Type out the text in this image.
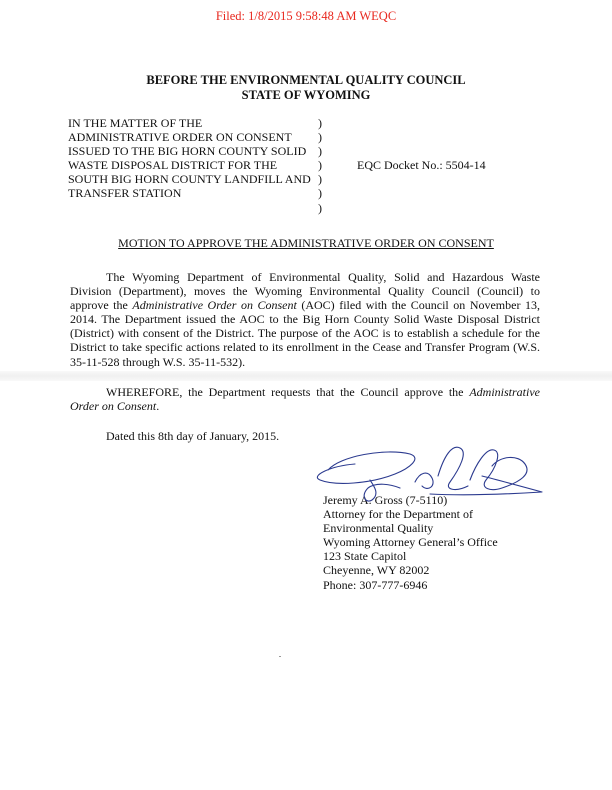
Filed: 1/8/2015 9:58:48 AM WEQC
BEFORE THE ENVIRONMENTAL QUALITY COUNCIL
STATE OF WYOMING
IN THE MATTER OF THE
ADMINISTRATIVE ORDER ON CONSENT
ISSUED TO THE BIG HORN COUNTY SOLID
WASTE DISPOSAL DISTRICT FOR THE
SOUTH BIG HORN COUNTY LANDFILL AND
TRANSFER STATION
)
)
)
)
)
)
)
EQC Docket No.: 5504-14
MOTION TO APPROVE THE ADMINISTRATIVE ORDER ON CONSENT

The Wyoming Department of Environmental Quality, Solid and Hazardous Waste Division (Department), moves the Wyoming Environmental Quality Council (Council) to approve the Administrative Order on Consent (AOC) filed with the Council on November 13, 2014. The Department issued the AOC to the Big Horn County Solid Waste Disposal District (District) with consent of the District. The purpose of the AOC is to establish a schedule for the District to take specific actions related to its enrollment in the Cease and Transfer Program (W.S. 35-11-528 through W.S. 35-11-532).

WHEREFORE, the Department requests that the Council approve the Administrative Order on Consent.

Dated this 8th day of January, 2015.

Jeremy A. Gross (7-5110)
Attorney for the Department of
Environmental Quality
Wyoming Attorney General’s Office
123 State Capitol
Cheyenne, WY 82002
Phone: 307-777-6946
